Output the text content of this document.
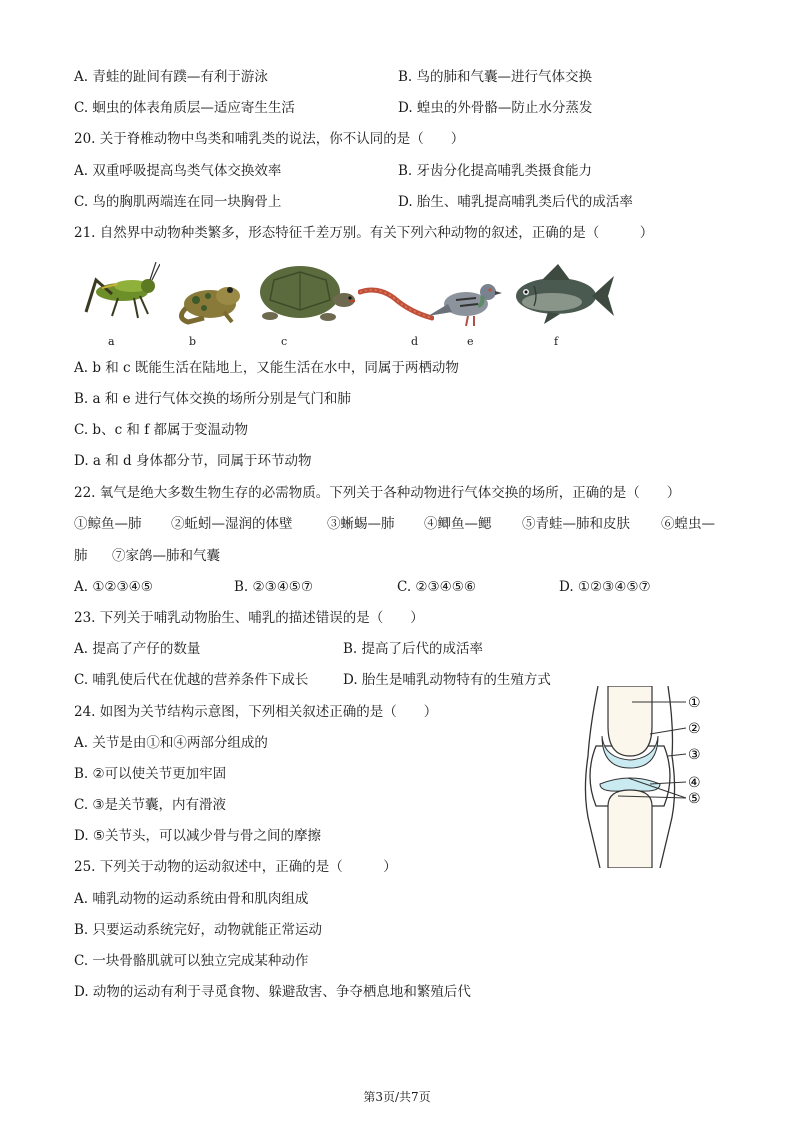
A. 青蛙的趾间有蹼—有利于游泳	B. 鸟的肺和气囊—进行气体交换
C. 蛔虫的体表角质层—适应寄生生活	D. 蝗虫的外骨骼—防止水分蒸发
20. 关于脊椎动物中鸟类和哺乳类的说法，你不认同的是（　　）
A. 双重呼吸提高鸟类气体交换效率	B. 牙齿分化提高哺乳类摄食能力
C. 鸟的胸肌两端连在同一块胸骨上	D. 胎生、哺乳提高哺乳类后代的成活率
21. 自然界中动物种类繁多，形态特征千差万别。有关下列六种动物的叙述，正确的是（　　　）
a	b	c	d	e	f
A. b 和 c 既能生活在陆地上，又能生活在水中，同属于两栖动物
B. a 和 e 进行气体交换的场所分别是气门和肺
C. b、c 和 f 都属于变温动物
D. a 和 d 身体都分节，同属于环节动物
22. 氧气是绝大多数生物生存的必需物质。下列关于各种动物进行气体交换的场所，正确的是（　　）
①鲸鱼—肺 ②蚯蚓—湿润的体壁	③蜥蜴—肺 ④鲫鱼—鳃 ⑤青蛙—肺和皮肤 ⑥蝗虫—
肺 ⑦家鸽—肺和气囊
A. ①②③④⑤	B. ②③④⑤⑦	C. ②③④⑤⑥	D. ①②③④⑤⑦
23. 下列关于哺乳动物胎生、哺乳的描述错误的是（　　）
A. 提高了产仔的数量	B. 提高了后代的成活率
C. 哺乳使后代在优越的营养条件下成长	D. 胎生是哺乳动物特有的生殖方式
24. 如图为关节结构示意图，下列相关叙述正确的是（　　）
A. 关节是由①和④两部分组成的
B. ②可以使关节更加牢固
C. ③是关节囊，内有滑液
D. ⑤关节头，可以减少骨与骨之间的摩擦
①
②
③
④
⑤
25. 下列关于动物的运动叙述中，正确的是（　　　）
A. 哺乳动物的运动系统由骨和肌肉组成
B. 只要运动系统完好，动物就能正常运动
C. 一块骨骼肌就可以独立完成某种动作
D. 动物的运动有利于寻觅食物、躲避敌害、争夺栖息地和繁殖后代
第3页/共7页
